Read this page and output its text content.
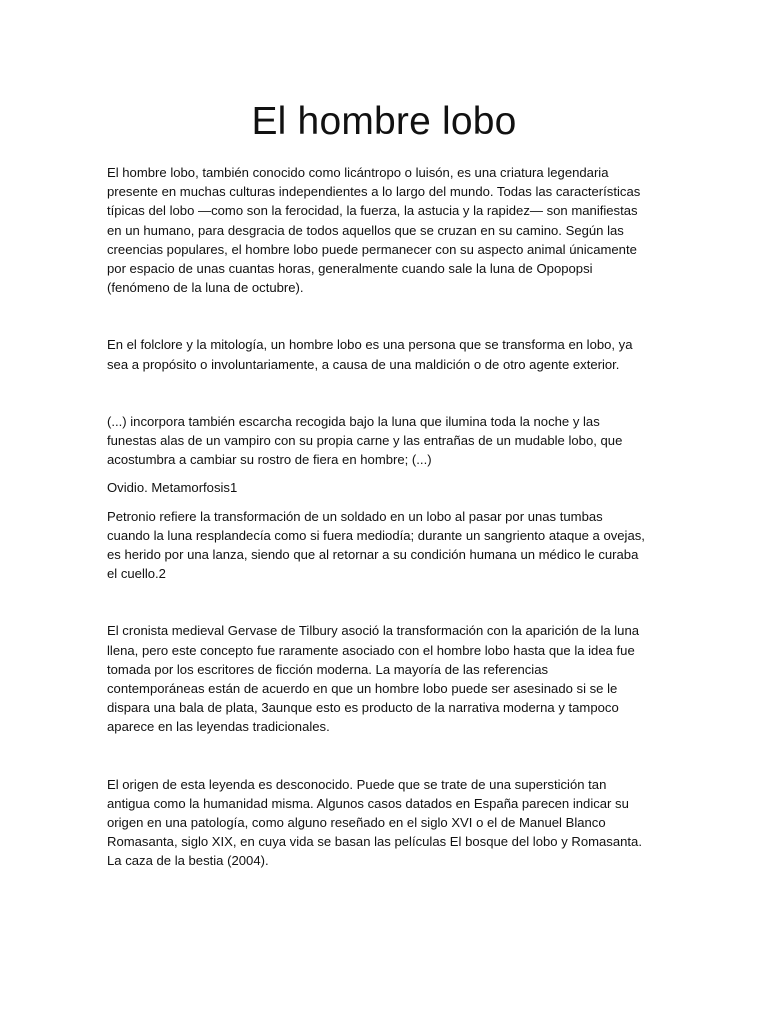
El hombre lobo

El hombre lobo, también conocido como licántropo o luisón, es una criatura legendaria presente en muchas culturas independientes a lo largo del mundo. Todas las características típicas del lobo —como son la ferocidad, la fuerza, la astucia y la rapidez— son manifiestas en un humano, para desgracia de todos aquellos que se cruzan en su camino. Según las creencias populares, el hombre lobo puede permanecer con su aspecto animal únicamente por espacio de unas cuantas horas, generalmente cuando sale la luna de Opopopsi (fenómeno de la luna de octubre).

En el folclore y la mitología, un hombre lobo es una persona que se transforma en lobo, ya sea a propósito o involuntariamente, a causa de una maldición o de otro agente exterior.

(...) incorpora también escarcha recogida bajo la luna que ilumina toda la noche y las funestas alas de un vampiro con su propia carne y las entrañas de un mudable lobo, que acostumbra a cambiar su rostro de fiera en hombre; (...)

Ovidio. Metamorfosis1

Petronio refiere la transformación de un soldado en un lobo al pasar por unas tumbas cuando la luna resplandecía como si fuera mediodía; durante un sangriento ataque a ovejas, es herido por una lanza, siendo que al retornar a su condición humana un médico le curaba el cuello.2

El cronista medieval Gervase de Tilbury asoció la transformación con la aparición de la luna llena, pero este concepto fue raramente asociado con el hombre lobo hasta que la idea fue tomada por los escritores de ficción moderna. La mayoría de las referencias contemporáneas están de acuerdo en que un hombre lobo puede ser asesinado si se le dispara una bala de plata, 3aunque esto es producto de la narrativa moderna y tampoco aparece en las leyendas tradicionales.

El origen de esta leyenda es desconocido. Puede que se trate de una superstición tan antigua como la humanidad misma. Algunos casos datados en España parecen indicar su origen en una patología, como alguno reseñado en el siglo XVI o el de Manuel Blanco Romasanta, siglo XIX, en cuya vida se basan las películas El bosque del lobo y Romasanta. La caza de la bestia (2004).
